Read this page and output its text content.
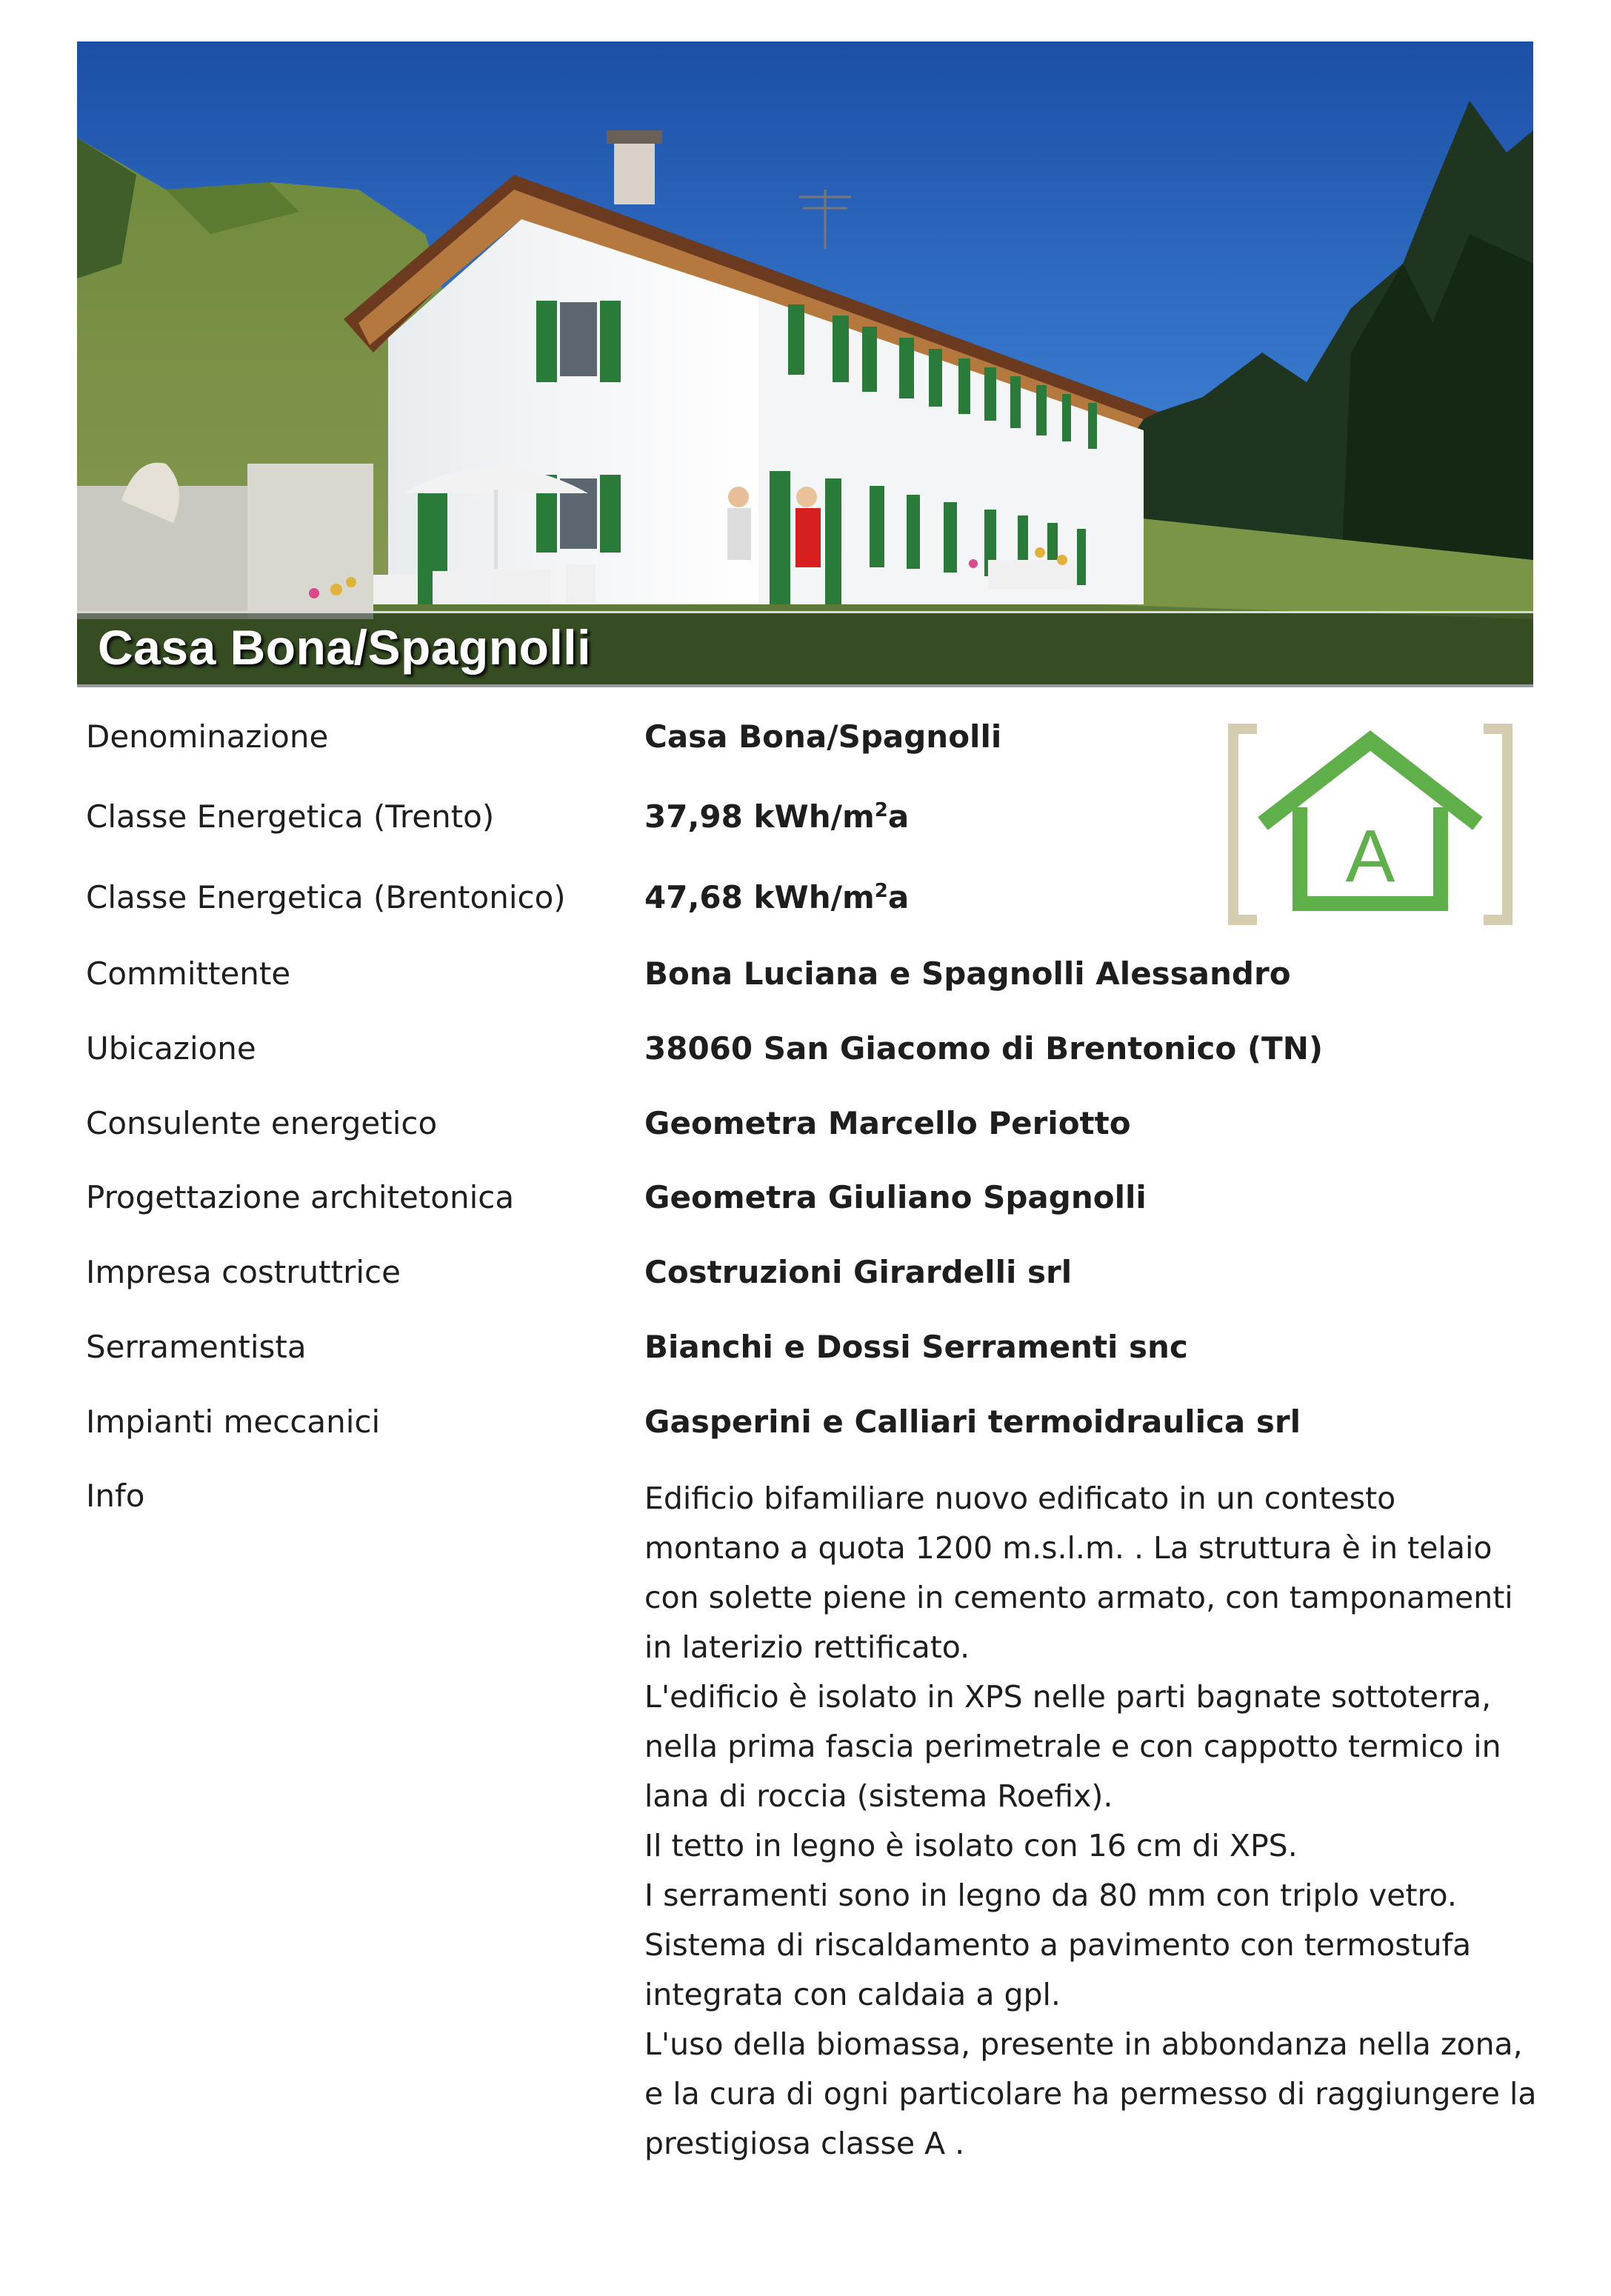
Casa Bona/Spagnolli
A
Denominazione	Casa Bona/Spagnolli
Classe Energetica (Trento)	37,98 kWh/$m^2a$
Classe Energetica (Brentonico)	47,68 kWh/$m^2a$
Committente	Bona Luciana e Spagnolli Alessandro
Ubicazione	38060 San Giacomo di Brentonico (TN)
Consulente energetico	Geometra Marcello Periotto
Progettazione architetonica	Geometra Giuliano Spagnolli
Impresa costruttrice	Costruzioni Girardelli srl
Serramentista	Bianchi e Dossi Serramenti snc
Impianti meccanici	Gasperini e Calliari termoidraulica srl
Info	Edificio bifamiliare nuovo edificato in un contesto
montano a quota 1200 m.s.l.m. . La struttura è in telaio
con solette piene in cemento armato, con tamponamenti
in laterizio rettificato.
L'edificio è isolato in XPS nelle parti bagnate sottoterra,
nella prima fascia perimetrale e con cappotto termico in
lana di roccia (sistema Roefix).
Il tetto in legno è isolato con 16 cm di XPS.
I serramenti sono in legno da 80 mm con triplo vetro.
Sistema di riscaldamento a pavimento con termostufa
integrata con caldaia a gpl.
L'uso della biomassa, presente in abbondanza nella zona,
e la cura di ogni particolare ha permesso di raggiungere la
prestigiosa classe A .
